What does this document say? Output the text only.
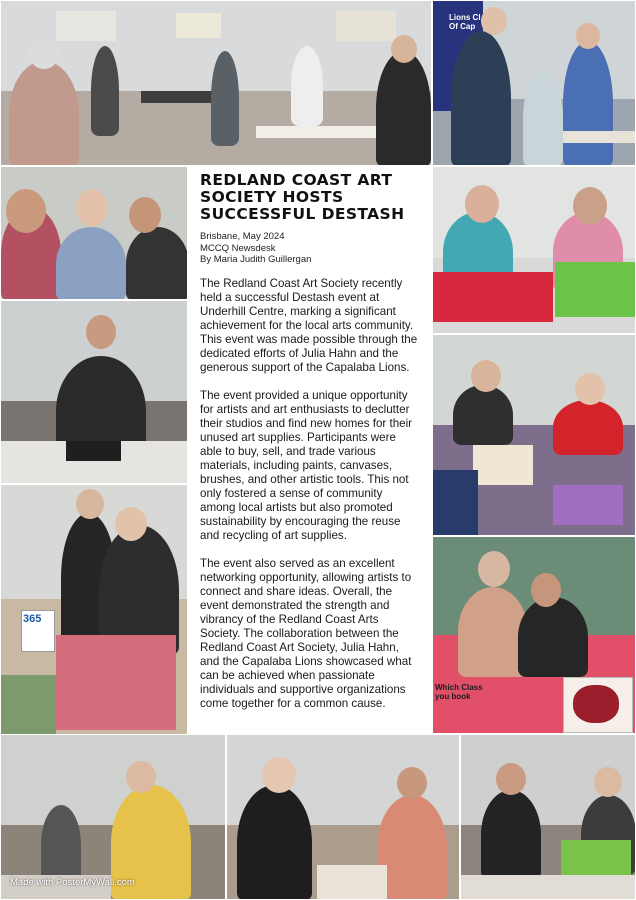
Lions Cl Of Cap
365
Which Class you book
REDLAND COAST ART SOCIETY HOSTS SUCCESSFUL DESTASH
Brisbane, May 2024
MCCQ Newsdesk
By Maria Judith Guillergan

The Redland Coast Art Society recently held a successful Destash event at Underhill Centre, marking a significant achievement for the local arts community. This event was made possible through the dedicated efforts of Julia Hahn and the generous support of the Capalaba Lions.

The event provided a unique opportunity for artists and art enthusiasts to declutter their studios and find new homes for their unused art supplies. Participants were able to buy, sell, and trade various materials, including paints, canvases, brushes, and other artistic tools. This not only fostered a sense of community among local artists but also promoted sustainability by encouraging the reuse and recycling of art supplies.

The event also served as an excellent networking opportunity, allowing artists to connect and share ideas. Overall, the event demonstrated the strength and vibrancy of the Redland Coast Arts Society. The collaboration between the Redland Coast Art Society, Julia Hahn, and the Capalaba Lions showcased what can be achieved when passionate individuals and supportive organizations come together for a common cause.

Made with PosterMyWall.com
